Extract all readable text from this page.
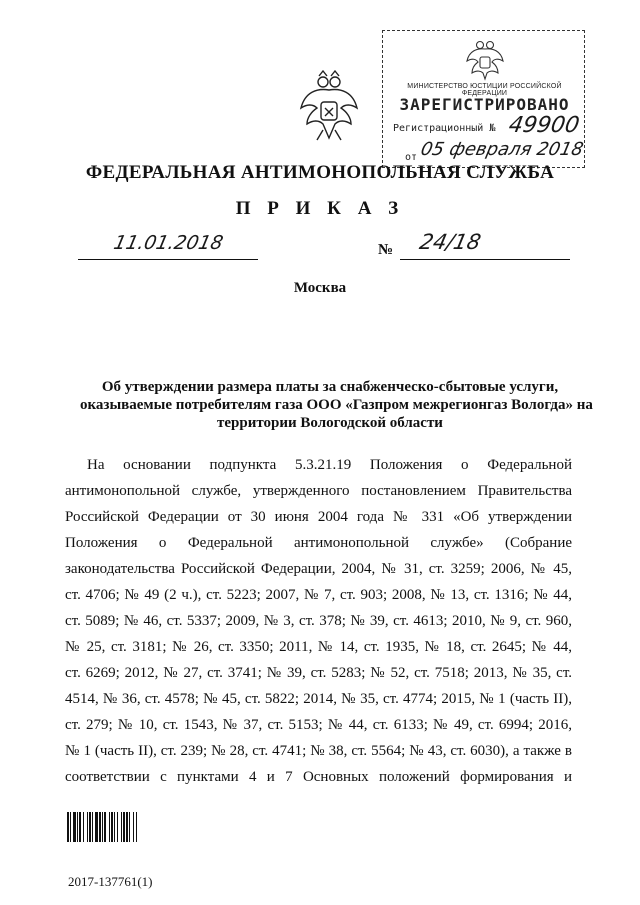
МИНИСТЕРСТВО ЮСТИЦИИ РОССИЙСКОЙ ФЕДЕРАЦИИ
ЗАРЕГИСТРИРОВАНО
Регистрационный № 49900
от 05 февраля 2018
ФЕДЕРАЛЬНАЯ АНТИМОНОПОЛЬНАЯ СЛУЖБА
П Р И К А З
11.01.2018	№ 24/18
Москва
Об утверждении размера платы за снабженческо-сбытовые услуги,
оказываемые потребителям газа ООО «Газпром межрегионгаз Вологда» на
территории Вологодской области
На основании подпункта 5.3.21.19 Положения о Федеральной
антимонопольной службе, утвержденного постановлением Правительства
Российской Федерации от 30 июня 2004 года № 331 «Об утверждении
Положения о Федеральной антимонопольной службе» (Собрание
законодательства Российской Федерации, 2004, № 31, ст. 3259; 2006, № 45,
ст. 4706; № 49 (2 ч.), ст. 5223; 2007, № 7, ст. 903; 2008, № 13, ст. 1316; № 44,
ст. 5089; № 46, ст. 5337; 2009, № 3, ст. 378; № 39, ст. 4613; 2010, № 9, ст. 960,
№ 25, ст. 3181; № 26, ст. 3350; 2011, № 14, ст. 1935, № 18, ст. 2645; № 44,
ст. 6269; 2012, № 27, ст. 3741; № 39, ст. 5283; № 52, ст. 7518; 2013, № 35, ст.
4514, № 36, ст. 4578; № 45, ст. 5822; 2014, № 35, ст. 4774; 2015, № 1 (часть II),
ст. 279; № 10, ст. 1543, № 37, ст. 5153; № 44, ст. 6133; № 49, ст. 6994; 2016,
№ 1 (часть II), ст. 239; № 28, ст. 4741; № 38, ст. 5564; № 43, ст. 6030), а также в
соответствии с пунктами 4 и 7 Основных положений формирования и
2017-137761(1)
